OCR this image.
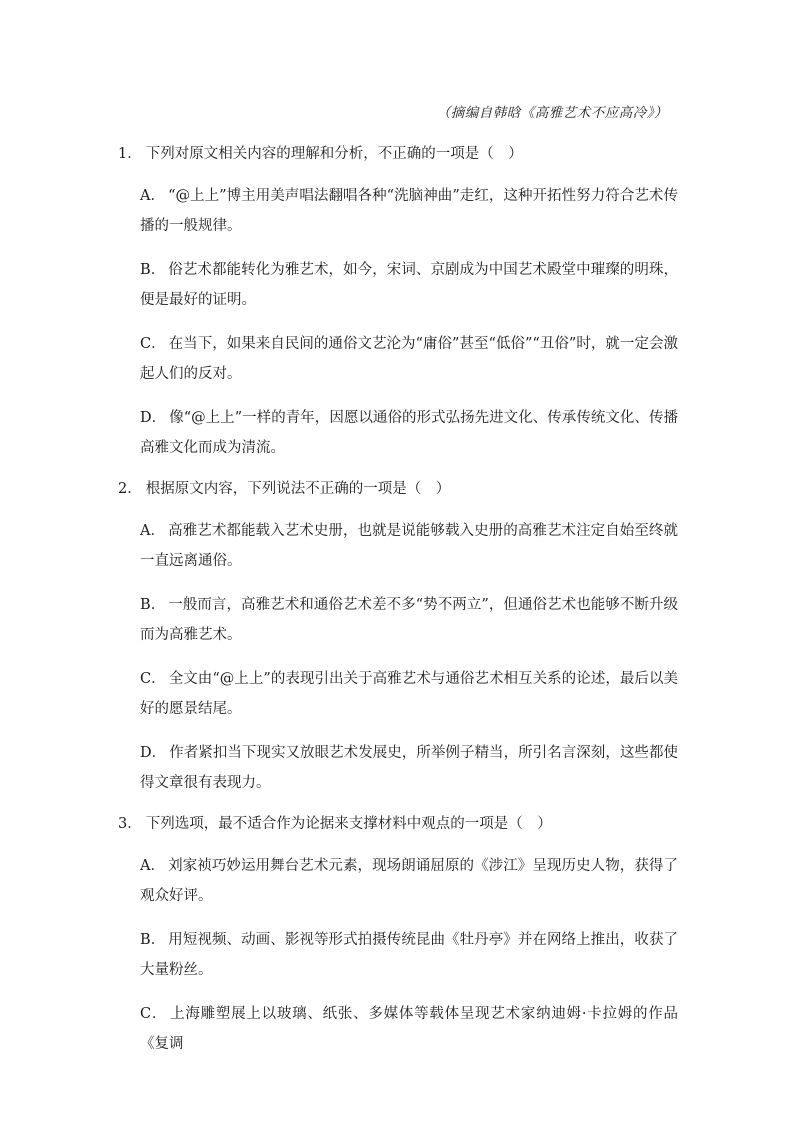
（摘编自韩晗《高雅艺术不应高冷》）
1． 下列对原文相关内容的理解和分析，不正确的一项是（　）
A． “@上上”博主用美声唱法翻唱各种“洗脑神曲”走红，这种开拓性努力符合艺术传播的一般规律。
B． 俗艺术都能转化为雅艺术，如今，宋词、京剧成为中国艺术殿堂中璀璨的明珠，便是最好的证明。
C． 在当下，如果来自民间的通俗文艺沦为“庸俗”甚至“低俗”“丑俗”时，就一定会激起人们的反对。
D． 像“@上上”一样的青年，因愿以通俗的形式弘扬先进文化、传承传统文化、传播高雅文化而成为清流。
2． 根据原文内容，下列说法不正确的一项是（　）
A． 高雅艺术都能载入艺术史册，也就是说能够载入史册的高雅艺术注定自始至终就一直远离通俗。
B． 一般而言，高雅艺术和通俗艺术差不多“势不两立”，但通俗艺术也能够不断升级而为高雅艺术。
C． 全文由“@上上”的表现引出关于高雅艺术与通俗艺术相互关系的论述，最后以美好的愿景结尾。
D． 作者紧扣当下现实又放眼艺术发展史，所举例子精当，所引名言深刻，这些都使得文章很有表现力。
3． 下列选项，最不适合作为论据来支撑材料中观点的一项是（　）
A． 刘家祯巧妙运用舞台艺术元素，现场朗诵屈原的《涉江》呈现历史人物，获得了观众好评。
B． 用短视频、动画、影视等形式拍摄传统昆曲《牡丹亭》并在网络上推出，收获了大量粉丝。
C． 上海雕塑展上以玻璃、纸张、多媒体等载体呈现艺术家纳迪姆·卡拉姆的作品《复调
